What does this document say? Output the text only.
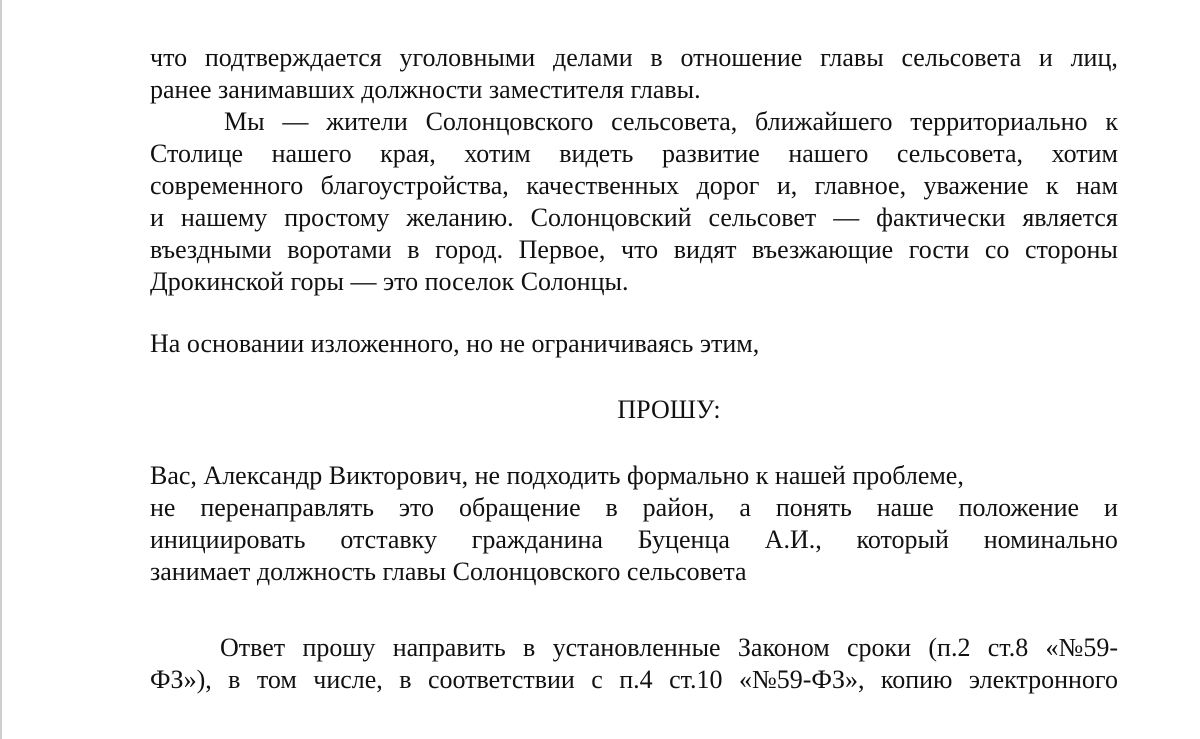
что подтверждается уголовными делами в отношение главы сельсовета и лиц,
ранее занимавших должности заместителя главы.
Мы — жители Солонцовского сельсовета, ближайшего территориально к
Столице нашего края, хотим видеть развитие нашего сельсовета, хотим
современного благоустройства, качественных дорог и, главное, уважение к нам
и нашему простому желанию. Солонцовский сельсовет — фактически является
въездными воротами в город. Первое, что видят въезжающие гости со стороны
Дрокинской горы — это поселок Солонцы.
На основании изложенного, но не ограничиваясь этим,
ПРОШУ:
Вас, Александр Викторович, не подходить формально к нашей проблеме,
не перенаправлять это обращение в район, а понять наше положение и
инициировать отставку гражданина Буценца А.И., который номинально
занимает должность главы Солонцовского сельсовета
Ответ прошу направить в установленные Законом сроки (п.2 ст.8 «№59-
ФЗ»), в том числе, в соответствии с п.4 ст.10 «№59-ФЗ», копию электронного
